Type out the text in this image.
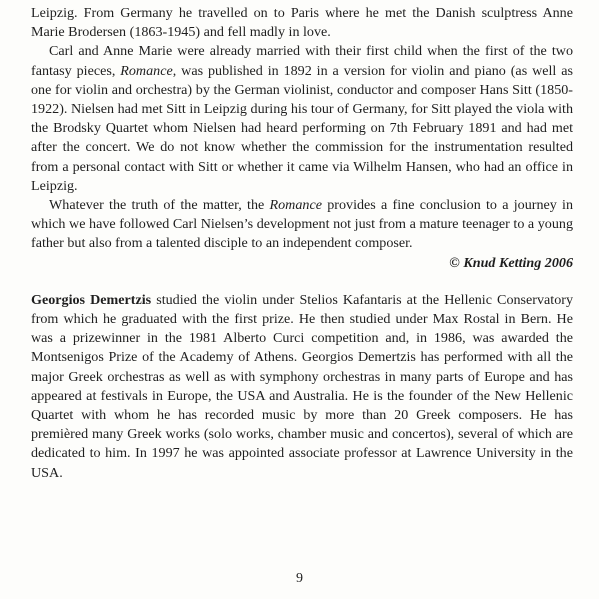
Leipzig. From Germany he travelled on to Paris where he met the Danish sculptress Anne Marie Brodersen (1863-1945) and fell madly in love.

Carl and Anne Marie were already married with their first child when the first of the two fantasy pieces, Romance, was published in 1892 in a version for violin and piano (as well as one for violin and orchestra) by the German violinist, conductor and composer Hans Sitt (1850-1922). Nielsen had met Sitt in Leipzig during his tour of Germany, for Sitt played the viola with the Brodsky Quartet whom Nielsen had heard performing on 7th February 1891 and had met after the concert. We do not know whether the commission for the instrumentation resulted from a personal contact with Sitt or whether it came via Wilhelm Hansen, who had an office in Leipzig.

Whatever the truth of the matter, the Romance provides a fine conclusion to a journey in which we have followed Carl Nielsen’s development not just from a mature teenager to a young father but also from a talented disciple to an independent composer.

© Knud Ketting 2006

Georgios Demertzis studied the violin under Stelios Kafantaris at the Hellenic Conservatory from which he graduated with the first prize. He then studied under Max Rostal in Bern. He was a prizewinner in the 1981 Alberto Curci competition and, in 1986, was awarded the Montsenigos Prize of the Academy of Athens. Georgios Demertzis has performed with all the major Greek orchestras as well as with symphony orchestras in many parts of Europe and has appeared at festivals in Europe, the USA and Australia. He is the founder of the New Hellenic Quartet with whom he has recorded music by more than 20 Greek composers. He has premièred many Greek works (solo works, chamber music and concertos), several of which are dedicated to him. In 1997 he was appointed associate professor at Lawrence University in the USA.

9
